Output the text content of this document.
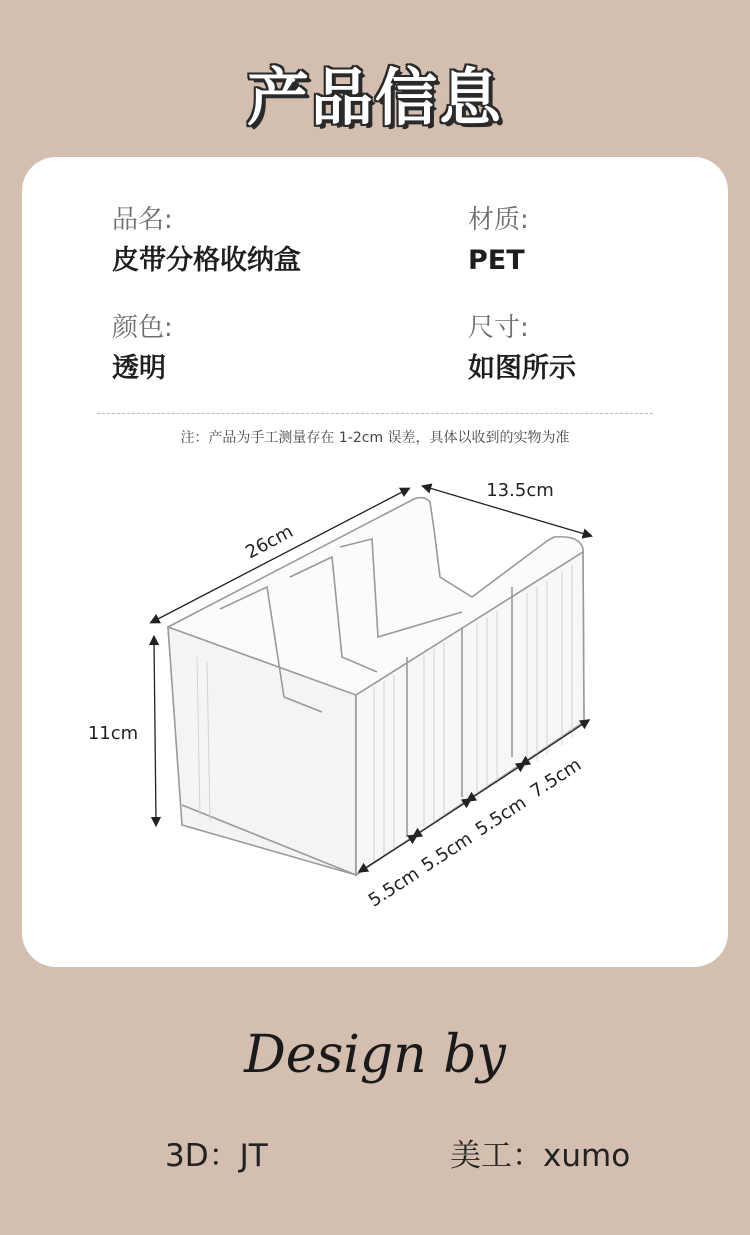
产品信息
品名:
皮带分格收纳盒
材质:
PET
颜色:
透明
尺寸:
如图所示
注：产品为手工测量存在 1-2cm 误差，具体以收到的实物为准
26cm
13.5cm
11cm
5.5cm
5.5cm
5.5cm
7.5cm
Design by
3D：JT	美工：xumo
